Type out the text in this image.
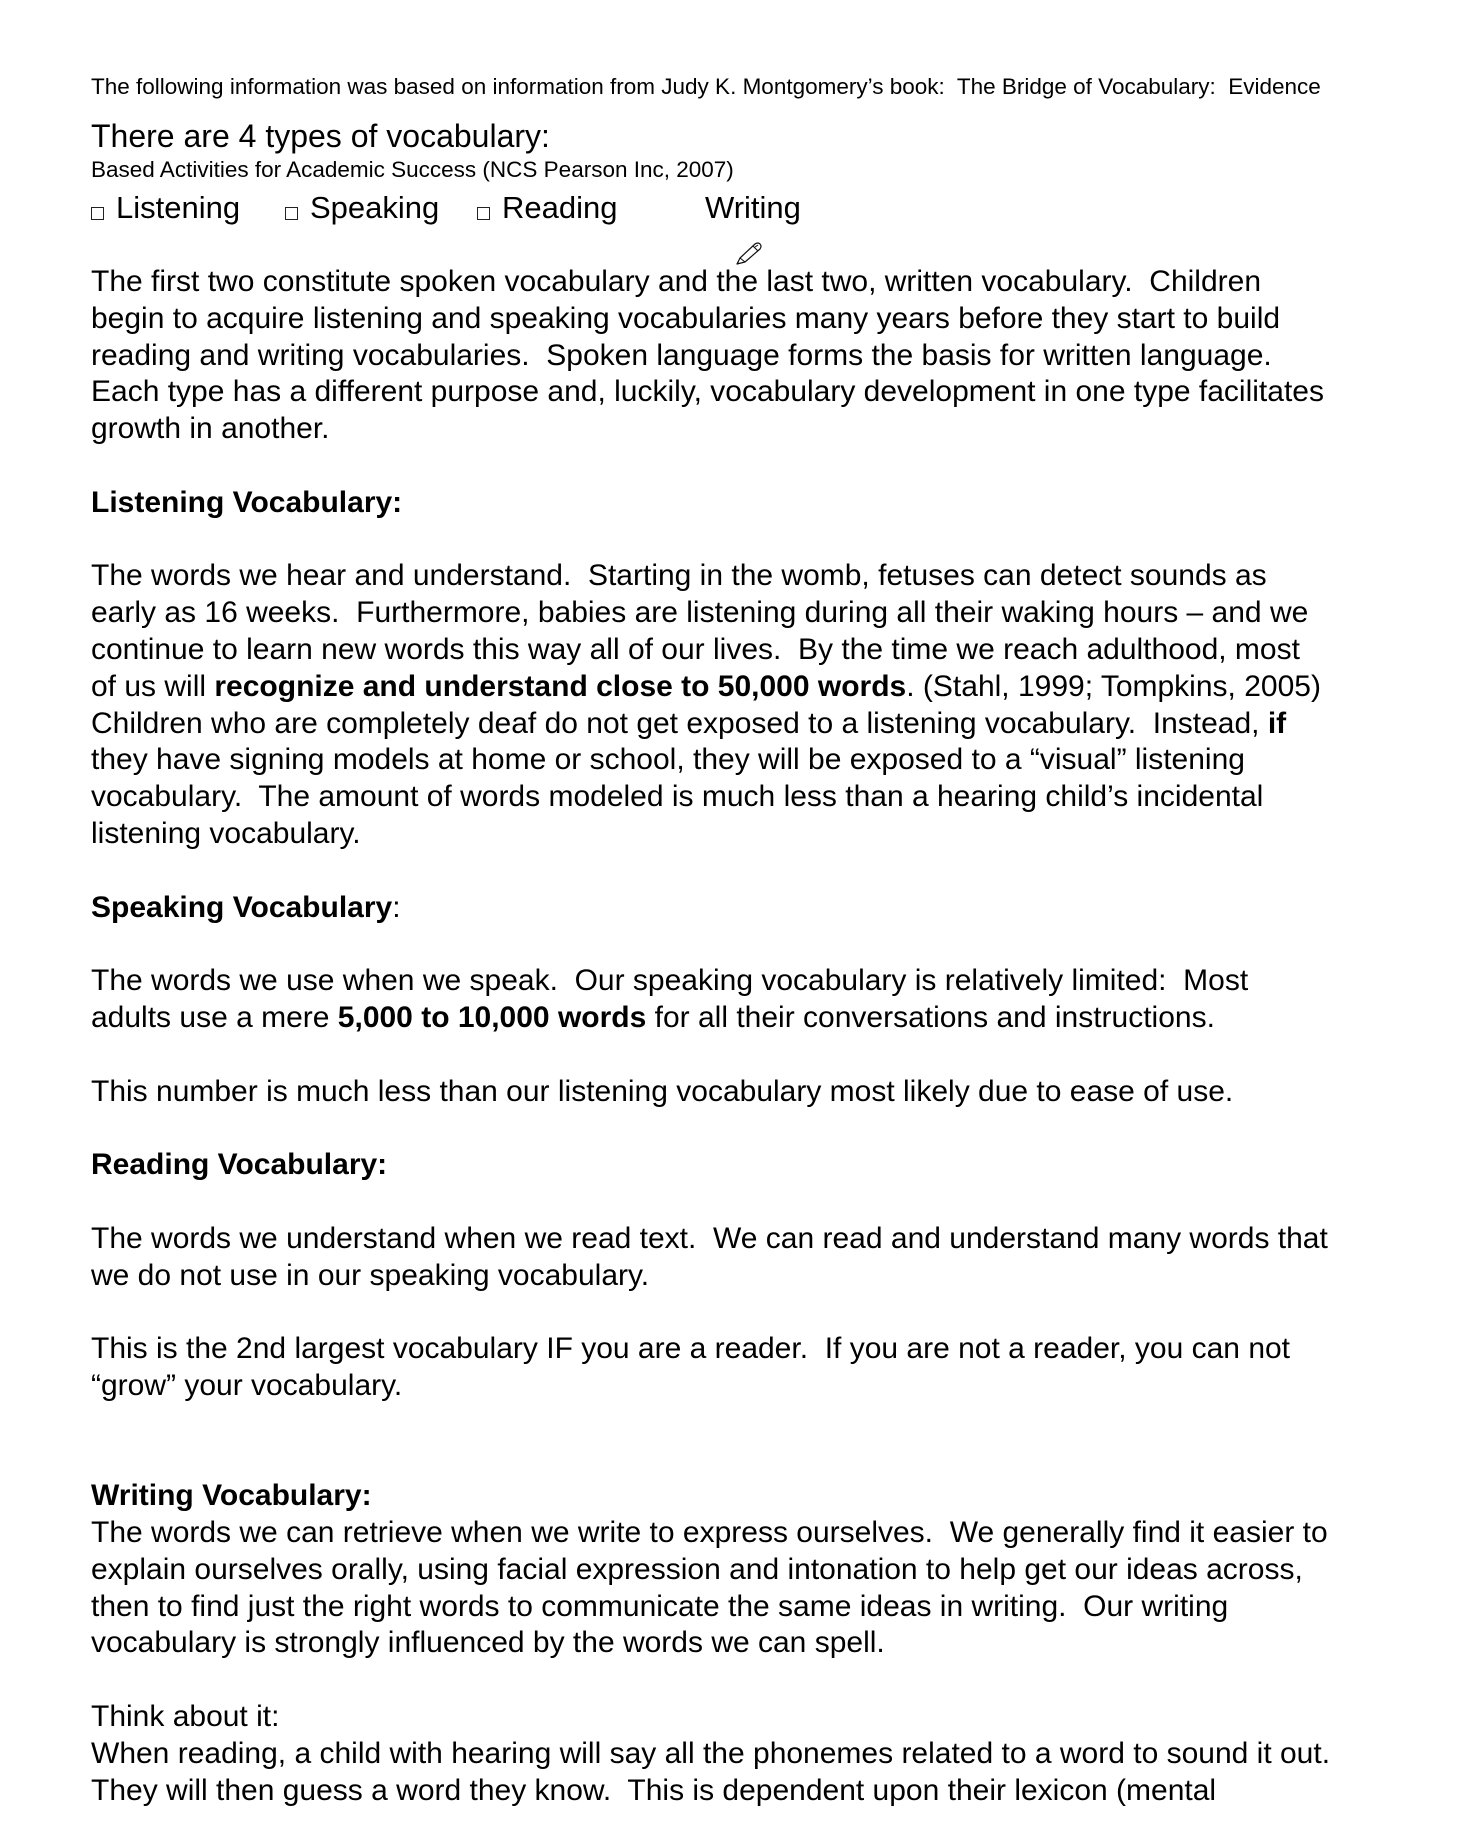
The following information was based on information from Judy K. Montgomery’s book:  The Bridge of Vocabulary:  Evidence

Based Activities for Academic Success (NCS Pearson Inc, 2007)

There are 4 types of vocabulary:
Listening Speaking Reading

	Writing
The first two constitute spoken vocabulary and the last two, written vocabulary.  Children
begin to acquire listening and speaking vocabularies many years before they start to build
reading and writing vocabularies.  Spoken language forms the basis for written language.
Each type has a different purpose and, luckily, vocabulary development in one type facilitates
growth in another.
Listening Vocabulary:
The words we hear and understand.  Starting in the womb, fetuses can detect sounds as
early as 16 weeks.  Furthermore, babies are listening during all their waking hours – and we
continue to learn new words this way all of our lives.  By the time we reach adulthood, most
of us will recognize and understand close to 50,000 words. (Stahl, 1999; Tompkins, 2005)
Children who are completely deaf do not get exposed to a listening vocabulary.  Instead, if
they have signing models at home or school, they will be exposed to a “visual” listening
vocabulary.  The amount of words modeled is much less than a hearing child’s incidental
listening vocabulary.
Speaking Vocabulary:
The words we use when we speak.  Our speaking vocabulary is relatively limited:  Most
adults use a mere 5,000 to 10,000 words for all their conversations and instructions.
This number is much less than our listening vocabulary most likely due to ease of use.
Reading Vocabulary:
The words we understand when we read text.  We can read and understand many words that
we do not use in our speaking vocabulary.
This is the 2nd largest vocabulary IF you are a reader.  If you are not a reader, you can not
“grow” your vocabulary.
Writing Vocabulary:
The words we can retrieve when we write to express ourselves.  We generally find it easier to
explain ourselves orally, using facial expression and intonation to help get our ideas across,
then to find just the right words to communicate the same ideas in writing.  Our writing
vocabulary is strongly influenced by the words we can spell.
Think about it:
When reading, a child with hearing will say all the phonemes related to a word to sound it out.
They will then guess a word they know.  This is dependent upon their lexicon (mental
